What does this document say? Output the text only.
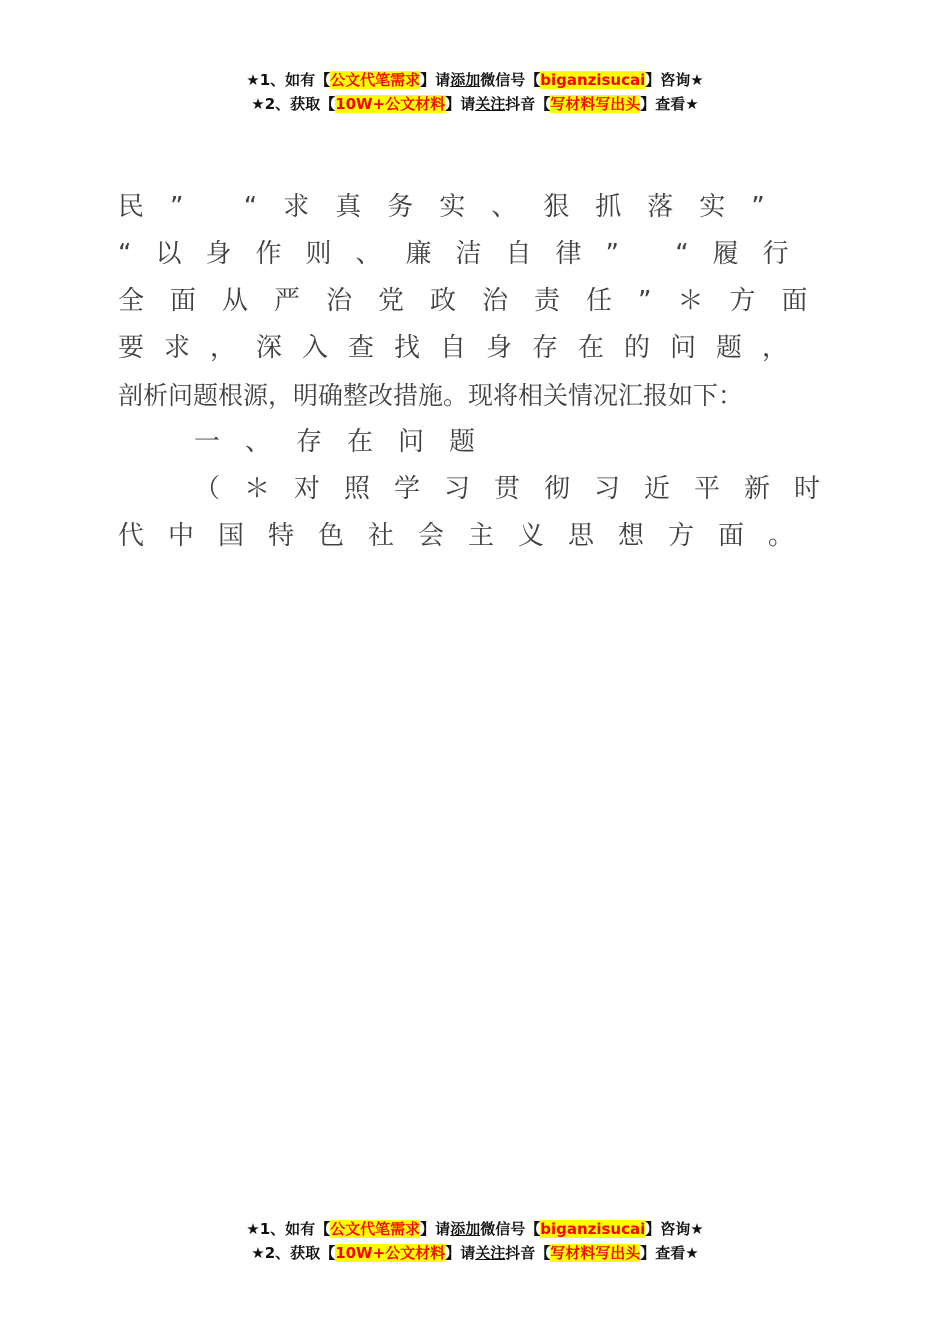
★1、如有【公文代笔需求】请添加微信号【biganzisucai】咨询★
★2、获取【10W+公文材料】请关注抖音【写材料写出头】查看★
民” “求真务实、狠抓落实”
“以身作则、廉洁自律” “履行
全面从严治党政治责任”＊方面
要求，深入查找自身存在的问题，
剖析问题根源，明确整改措施。现将相关情况汇报如下：
一、存在问题
（＊对照学习贯彻习近平新时
代中国特色社会主义思想方面。
★1、如有【公文代笔需求】请添加微信号【biganzisucai】咨询★
★2、获取【10W+公文材料】请关注抖音【写材料写出头】查看★
